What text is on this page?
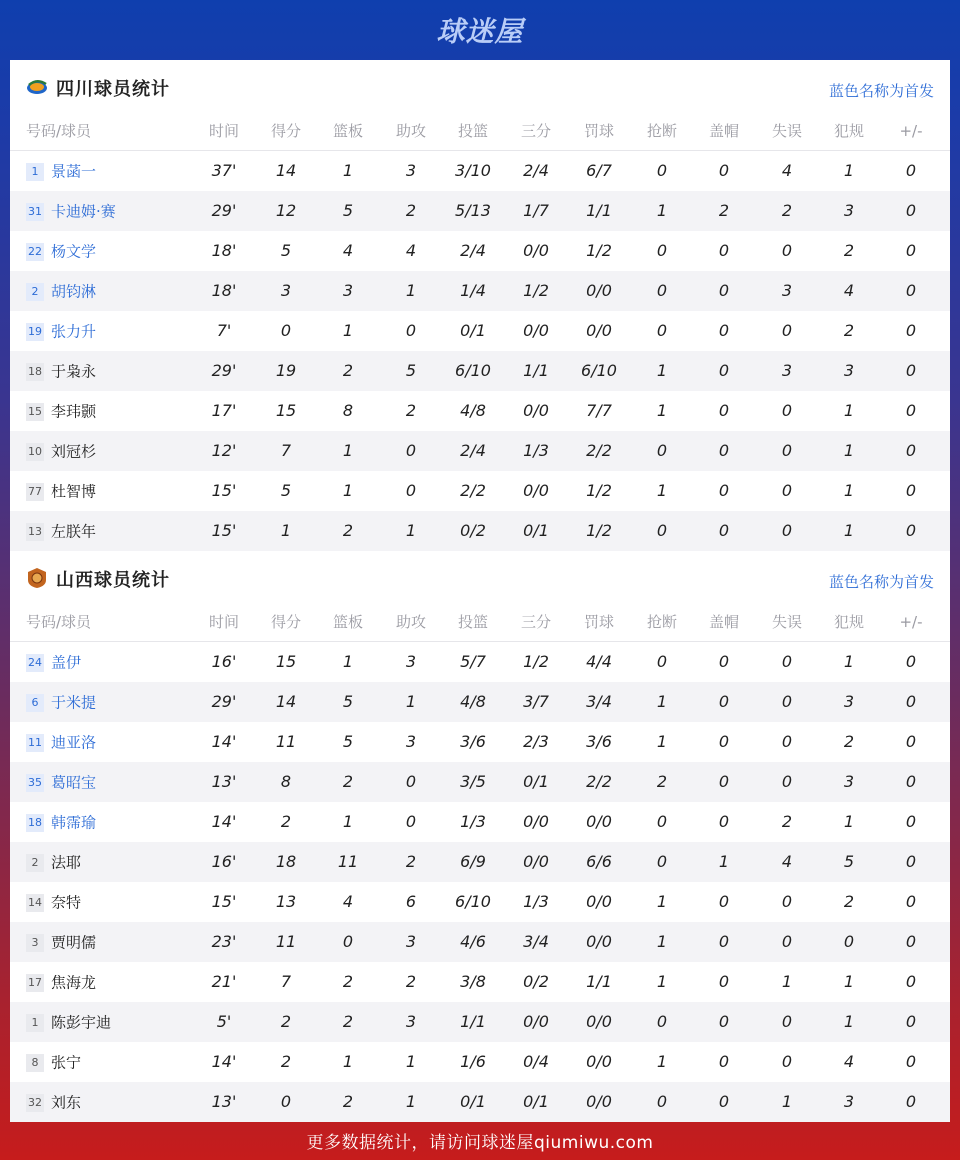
球迷屋
四川球员统计	蓝色名称为首发
号码/球员	时间	得分	篮板	助攻	投篮	三分	罚球	抢断	盖帽	失误	犯规	+/-
1 景菡一	37'	14	1	3	3/10	2/4	6/7	0	0	4	1	0
31 卡迪姆·赛	29'	12	5	2	5/13	1/7	1/1	1	2	2	3	0
22 杨文学	18'	5	4	4	2/4	0/0	1/2	0	0	0	2	0
2 胡钧淋	18'	3	3	1	1/4	1/2	0/0	0	0	3	4	0
19 张力升	7'	0	1	0	0/1	0/0	0/0	0	0	0	2	0
18 于枭永	29'	19	2	5	6/10	1/1	6/10	1	0	3	3	0
15 李玮颢	17'	15	8	2	4/8	0/0	7/7	1	0	0	1	0
10 刘冠杉	12'	7	1	0	2/4	1/3	2/2	0	0	0	1	0
77 杜智博	15'	5	1	0	2/2	0/0	1/2	1	0	0	1	0
13 左朕年	15'	1	2	1	0/2	0/1	1/2	0	0	0	1	0
山西球员统计	蓝色名称为首发
号码/球员	时间	得分	篮板	助攻	投篮	三分	罚球	抢断	盖帽	失误	犯规	+/-
24 盖伊	16'	15	1	3	5/7	1/2	4/4	0	0	0	1	0
6 于米提	29'	14	5	1	4/8	3/7	3/4	1	0	0	3	0
11 迪亚洛	14'	11	5	3	3/6	2/3	3/6	1	0	0	2	0
35 葛昭宝	13'	8	2	0	3/5	0/1	2/2	2	0	0	3	0
18 韩霈瑜	14'	2	1	0	1/3	0/0	0/0	0	0	2	1	0
2 法耶	16'	18	11	2	6/9	0/0	6/6	0	1	4	5	0
14 奈特	15'	13	4	6	6/10	1/3	0/0	1	0	0	2	0
3 贾明儒	23'	11	0	3	4/6	3/4	0/0	1	0	0	0	0
17 焦海龙	21'	7	2	2	3/8	0/2	1/1	1	0	1	1	0
1 陈彭宇迪	5'	2	2	3	1/1	0/0	0/0	0	0	0	1	0
8 张宁	14'	2	1	1	1/6	0/4	0/0	1	0	0	4	0
32 刘东	13'	0	2	1	0/1	0/1	0/0	0	0	1	3	0
更多数据统计，请访问球迷屋qiumiwu.com
